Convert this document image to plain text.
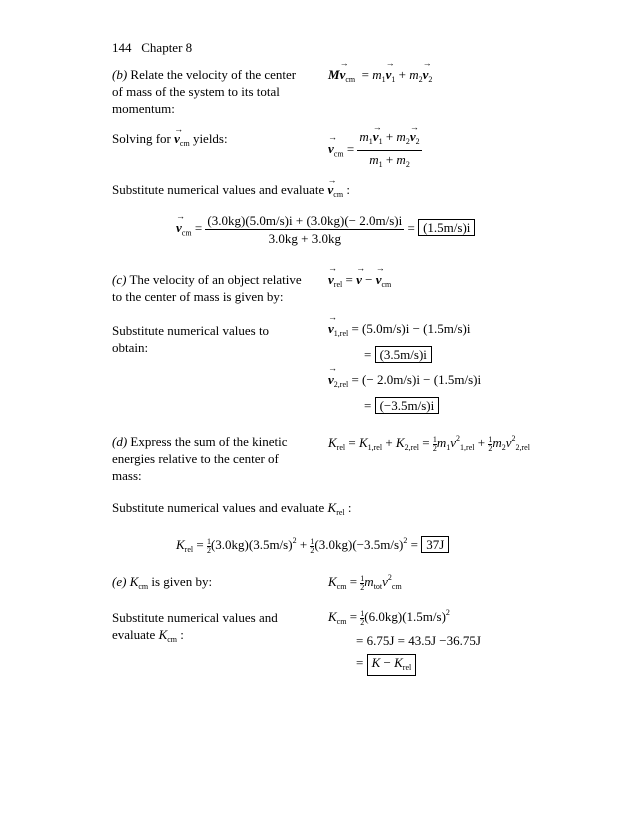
144 Chapter 8
(b) Relate the velocity of the center
of mass of the system to its total
momentum:
$M\to v_{cm} = m_1\to v_1 + m_2\to v_2$
Solving for → $v_{cm}$ yields:
→ $v_{cm} = \frac{m_1\to v_1 + m_2\to v_2}{m_1 + m_2}$
Substitute numerical values and evaluate → $v_{cm}$ :
→ $v_{cm} = \frac{(3.0kg)(5.0m/s)i + (3.0kg)(- 2.0m/s)i}{3.0kg + 3.0kg} = (1.5m/s)i$
(c) The velocity of an object relative
to the center of mass is given by:
→ $v_{rel}$ = → v − → $v_{cm}$
Substitute numerical values to
obtain:
→ $v_{1,rel} = (5.0m/s)i - (1.5m/s)i$
= (3.5m/s)i
→ $v_{2,rel}$ = (− 2.0m/s)i − (1.5m/s)i
= (−3.5m/s)i
(d) Express the sum of the kinetic
energies relative to the center of
mass:
$K_{rel} = K_{1,rel} + K_{2,rel} = \frac{1}{2} m_1v^2_{1,rel} + \frac{1}{2} m_2v^2_{2,rel}$
Substitute numerical values and evaluate $K_{rel}$ :
$K_{rel} = \frac{1}{2} (3.0kg)(3.5m/s)^2 + \frac{1}{2} (3.0kg)(-3.5m/s)^2 = 37J$
(e) $K_{cm}$ is given by:	$K_{cm} = \frac{1}{2} m_{tot}v^2_{cm}$
Substitute numerical values and
evaluate $K_{cm}$ :
$K_{cm} = \frac{1}{2} (6.0kg)(1.5m/s)^2$
= 6.75J = 43.5J −36.75J
= $K - K_{rel}$
